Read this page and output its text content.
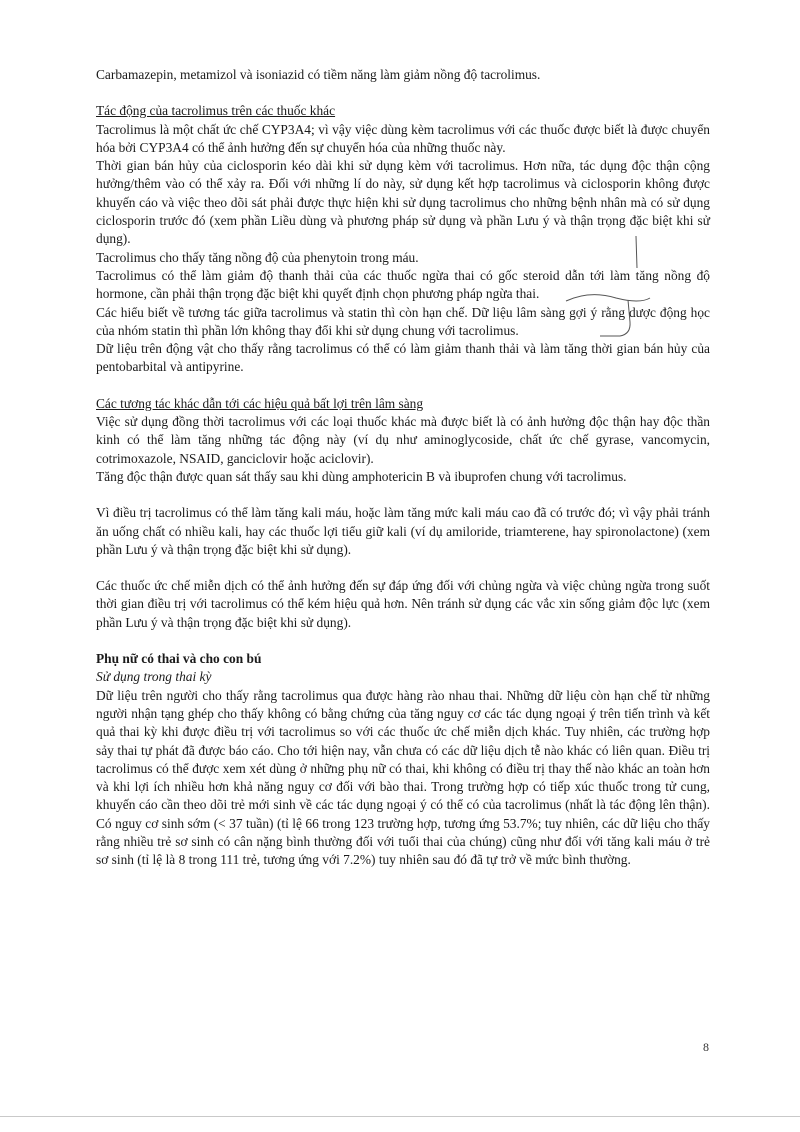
Carbamazepin, metamizol và isoniazid có tiềm năng làm giảm nồng độ tacrolimus.

Tác động của tacrolimus trên các thuốc khác

Tacrolimus là một chất ức chế CYP3A4; vì vậy việc dùng kèm tacrolimus với các thuốc được biết là được chuyển hóa bởi CYP3A4 có thể ảnh hưởng đến sự chuyển hóa của những thuốc này.

Thời gian bán hủy của ciclosporin kéo dài khi sử dụng kèm với tacrolimus. Hơn nữa, tác dụng độc thận cộng hưởng/thêm vào có thể xảy ra. Đối với những lí do này, sử dụng kết hợp tacrolimus và ciclosporin không được khuyến cáo và việc theo dõi sát phải được thực hiện khi sử dụng tacrolimus cho những bệnh nhân mà có sử dụng ciclosporin trước đó (xem phần Liều dùng và phương pháp sử dụng và phần Lưu ý và thận trọng đặc biệt khi sử dụng).

Tacrolimus cho thấy tăng nồng độ của phenytoin trong máu.

Tacrolimus có thể làm giảm độ thanh thải của các thuốc ngừa thai có gốc steroid dẫn tới làm tăng nồng độ hormone, cần phải thận trọng đặc biệt khi quyết định chọn phương pháp ngừa thai.

Các hiểu biết về tương tác giữa tacrolimus và statin thì còn hạn chế. Dữ liệu lâm sàng gợi ý rằng dược động học của nhóm statin thì phần lớn không thay đổi khi sử dụng chung với tacrolimus.

Dữ liệu trên động vật cho thấy rằng tacrolimus có thể có làm giảm thanh thải và làm tăng thời gian bán hủy của pentobarbital và antipyrine.

Các tương tác khác dẫn tới các hiệu quả bất lợi trên lâm sàng

Việc sử dụng đồng thời tacrolimus với các loại thuốc khác mà được biết là có ảnh hưởng độc thận hay độc thần kinh có thể làm tăng những tác động này (ví dụ như aminoglycoside, chất ức chế gyrase, vancomycin, cotrimoxazole, NSAID, ganciclovir hoặc aciclovir).

Tăng độc thận được quan sát thấy sau khi dùng amphotericin B và ibuprofen chung với tacrolimus.

Vì điều trị tacrolimus có thể làm tăng kali máu, hoặc làm tăng mức kali máu cao đã có trước đó; vì vậy phải tránh ăn uống chất có nhiều kali, hay các thuốc lợi tiểu giữ kali (ví dụ amiloride, triamterene, hay spironolactone) (xem phần Lưu ý và thận trọng đặc biệt khi sử dụng).

Các thuốc ức chế miễn dịch có thể ảnh hưởng đến sự đáp ứng đối với chủng ngừa và việc chủng ngừa trong suốt thời gian điều trị với tacrolimus có thể kém hiệu quả hơn. Nên tránh sử dụng các vắc xin sống giảm độc lực (xem phần Lưu ý và thận trọng đặc biệt khi sử dụng).

Phụ nữ có thai và cho con bú

Sử dụng trong thai kỳ

Dữ liệu trên người cho thấy rằng tacrolimus qua được hàng rào nhau thai. Những dữ liệu còn hạn chế từ những người nhận tạng ghép cho thấy không có bằng chứng của tăng nguy cơ các tác dụng ngoại ý trên tiến trình và kết quả thai kỳ khi được điều trị với tacrolimus so với các thuốc ức chế miễn dịch khác. Tuy nhiên, các trường hợp sảy thai tự phát đã được báo cáo. Cho tới hiện nay, vẫn chưa có các dữ liệu dịch tễ nào khác có liên quan. Điều trị tacrolimus có thể được xem xét dùng ở những phụ nữ có thai, khi không có điều trị thay thế nào khác an toàn hơn và khi lợi ích nhiều hơn khả năng nguy cơ đối với bào thai. Trong trường hợp có tiếp xúc thuốc trong tử cung, khuyến cáo cần theo dõi trẻ mới sinh về các tác dụng ngoại ý có thể có của tacrolimus (nhất là tác động lên thận). Có nguy cơ sinh sớm (< 37 tuần) (tỉ lệ 66 trong 123 trường hợp, tương ứng 53.7%; tuy nhiên, các dữ liệu cho thấy rằng nhiều trẻ sơ sinh có cân nặng bình thường đối với tuổi thai của chúng) cũng như đối với tăng kali máu ở trẻ sơ sinh (tỉ lệ là 8 trong 111 trẻ, tương ứng với 7.2%) tuy nhiên sau đó đã tự trở về mức bình thường.

8
